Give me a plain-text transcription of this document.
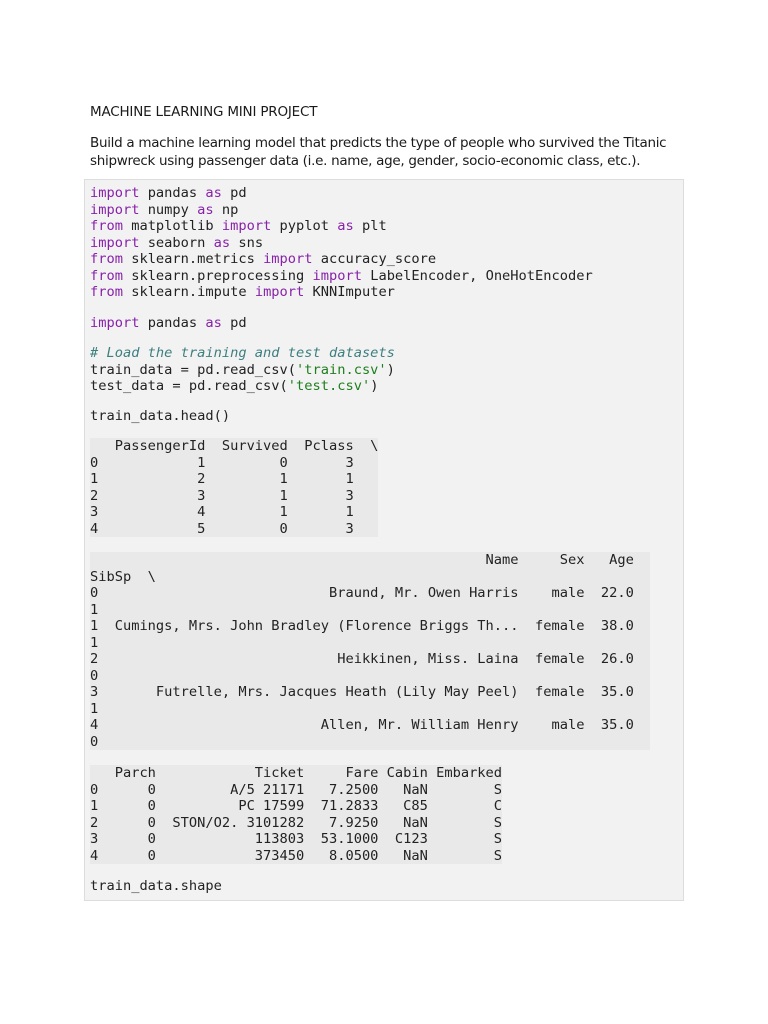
MACHINE LEARNING MINI PROJECT
Build a machine learning model that predicts the type of people who survived the Titanic shipwreck using passenger data (i.e. name, age, gender, socio-economic class, etc.).
import pandas as pd
import numpy as np
from matplotlib import pyplot as plt
import seaborn as sns
from sklearn.metrics import accuracy_score
from sklearn.preprocessing import LabelEncoder, OneHotEncoder
from sklearn.impute import KNNImputer
import pandas as pd
# Load the training and test datasets
train_data = pd.read_csv('train.csv')
test_data = pd.read_csv('test.csv')
train_data.head()
PassengerId  Survived  Pclass  \
0            1         0       3
1            2         1       1
2            3         1       3
3            4         1       1
4            5         0       3
Name     Sex   Age
SibSp  \
0                            Braund, Mr. Owen Harris    male  22.0
1
1  Cumings, Mrs. John Bradley (Florence Briggs Th...  female  38.0
1
2                             Heikkinen, Miss. Laina  female  26.0
0
3       Futrelle, Mrs. Jacques Heath (Lily May Peel)  female  35.0
1
4                           Allen, Mr. William Henry    male  35.0
0
Parch            Ticket     Fare Cabin Embarked
0      0         A/5 21171   7.2500   NaN        S
1      0          PC 17599  71.2833   C85        C
2      0  STON/O2. 3101282   7.9250   NaN        S
3      0            113803  53.1000  C123        S
4      0            373450   8.0500   NaN        S
train_data.shape
